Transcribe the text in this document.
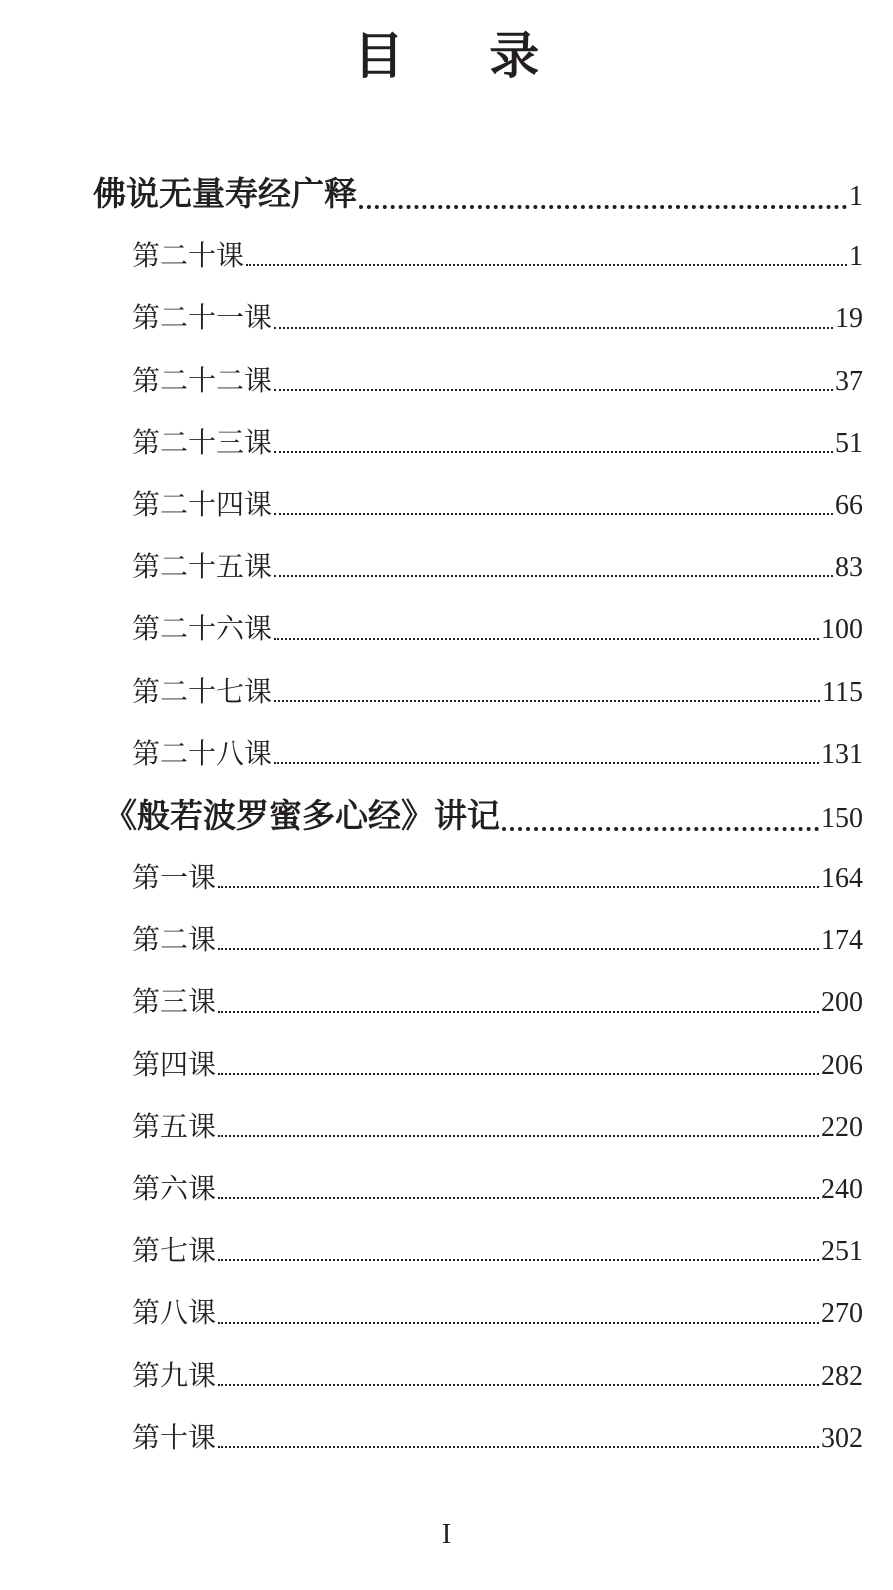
目 录
佛说无量寿经广释	1
第二十课	1
第二十一课	19
第二十二课	37
第二十三课	51
第二十四课	66
第二十五课	83
第二十六课	100
第二十七课	115
第二十八课	131
《般若波罗蜜多心经》讲记	150
第一课	164
第二课	174
第三课	200
第四课	206
第五课	220
第六课	240
第七课	251
第八课	270
第九课	282
第十课	302
I
